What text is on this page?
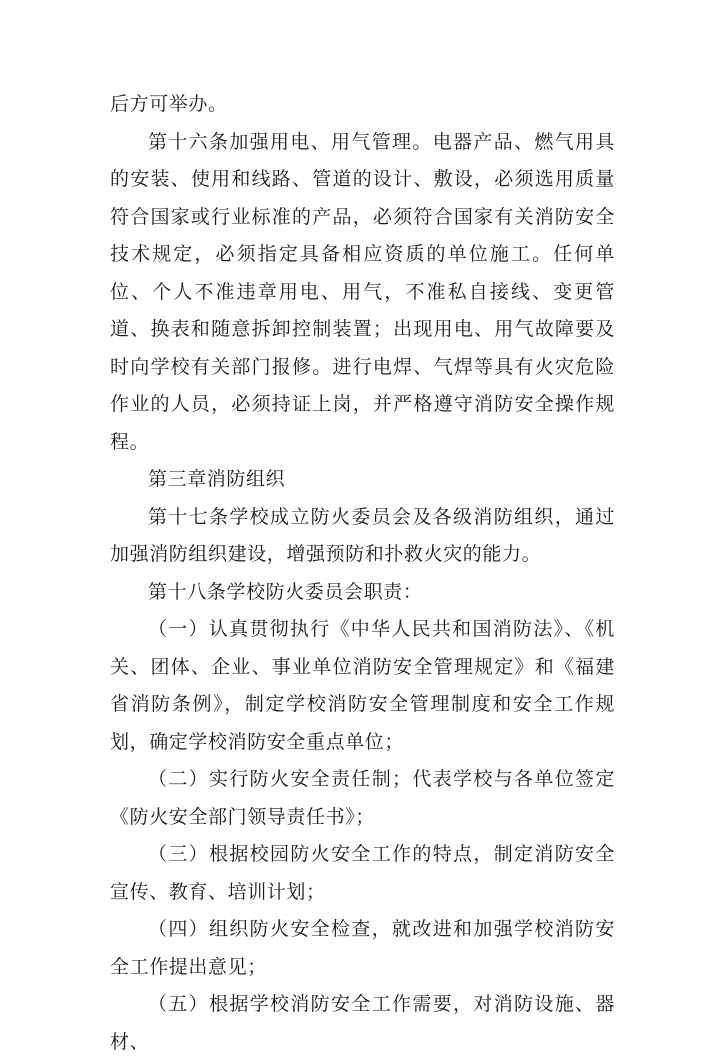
后方可举办。

第十六条加强用电、用气管理。电器产品、燃气用具的安装、使用和线路、管道的设计、敷设，必须选用质量符合国家或行业标准的产品，必须符合国家有关消防安全技术规定，必须指定具备相应资质的单位施工。任何单位、个人不准违章用电、用气，不准私自接线、变更管道、换表和随意拆卸控制装置；出现用电、用气故障要及时向学校有关部门报修。进行电焊、气焊等具有火灾危险作业的人员，必须持证上岗，并严格遵守消防安全操作规程。

第三章消防组织

第十七条学校成立防火委员会及各级消防组织，通过加强消防组织建设，增强预防和扑救火灾的能力。

第十八条学校防火委员会职责：

（一）认真贯彻执行《中华人民共和国消防法》、《机关、团体、企业、事业单位消防安全管理规定》和《福建省消防条例》，制定学校消防安全管理制度和安全工作规划，确定学校消防安全重点单位；

（二）实行防火安全责任制；代表学校与各单位签定《防火安全部门领导责任书》；

（三）根据校园防火安全工作的特点，制定消防安全宣传、教育、培训计划；

（四）组织防火安全检查，就改进和加强学校消防安全工作提出意见；

（五）根据学校消防安全工作需要，对消防设施、器材、
